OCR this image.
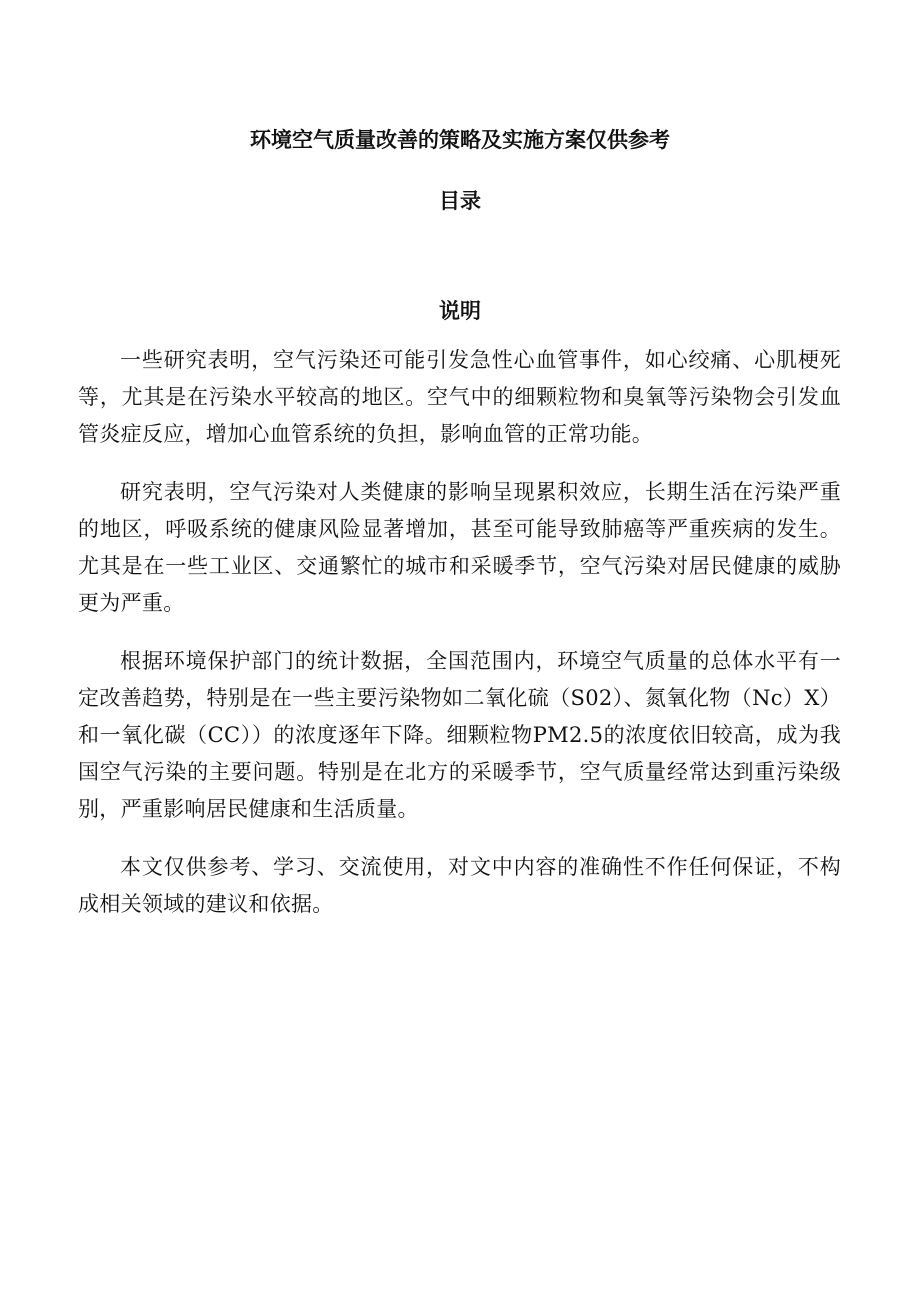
环境空气质量改善的策略及实施方案仅供参考
目录
说明

一些研究表明，空气污染还可能引发急性心血管事件，如心绞痛、心肌梗死等，尤其是在污染水平较高的地区。空气中的细颗粒物和臭氧等污染物会引发血管炎症反应，增加心血管系统的负担，影响血管的正常功能。

研究表明，空气污染对人类健康的影响呈现累积效应，长期生活在污染严重的地区，呼吸系统的健康风险显著增加，甚至可能导致肺癌等严重疾病的发生。尤其是在一些工业区、交通繁忙的城市和采暖季节，空气污染对居民健康的威胁更为严重。

根据环境保护部门的统计数据，全国范围内，环境空气质量的总体水平有一定改善趋势，特别是在一些主要污染物如二氧化硫（S02）、氮氧化物（Nc）X）和一氧化碳（CC））的浓度逐年下降。细颗粒物PM2.5的浓度依旧较高，成为我国空气污染的主要问题。特别是在北方的采暖季节，空气质量经常达到重污染级别，严重影响居民健康和生活质量。

本文仅供参考、学习、交流使用，对文中内容的准确性不作任何保证，不构成相关领域的建议和依据。
